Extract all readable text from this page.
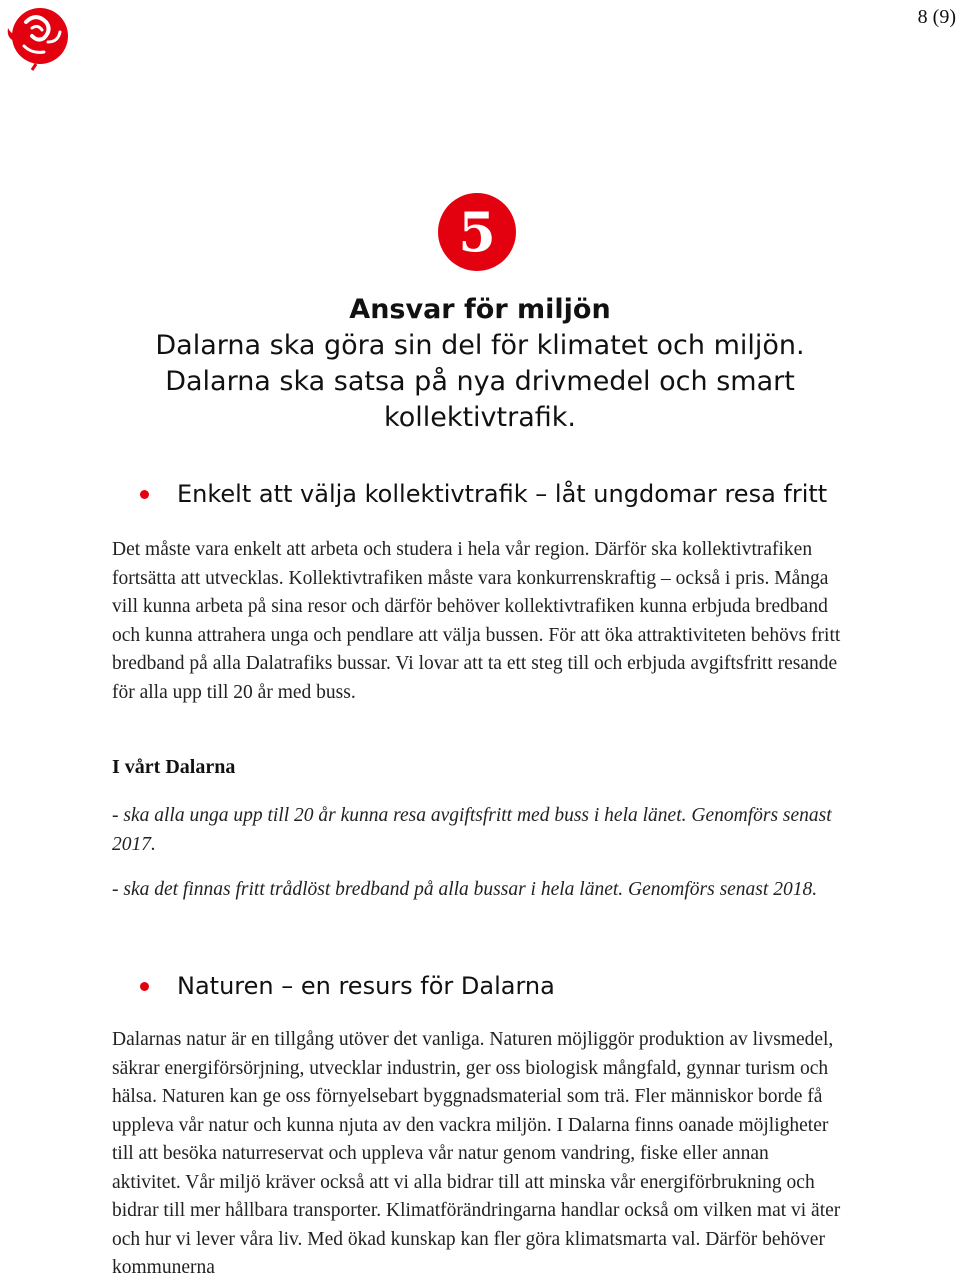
8 (9)
5
Ansvar för miljön
Dalarna ska göra sin del för klimatet och miljön.
Dalarna ska satsa på nya drivmedel och smart
kollektivtrafik.
Enkelt att välja kollektivtrafik – låt ungdomar resa fritt
Det måste vara enkelt att arbeta och studera i hela vår region. Därför ska kollektivtrafiken fortsätta att utvecklas. Kollektivtrafiken måste vara konkurrenskraftig – också i pris. Många vill kunna arbeta på sina resor och därför behöver kollektivtrafiken kunna erbjuda bredband och kunna attrahera unga och pendlare att välja bussen. För att öka attraktiviteten behövs fritt bredband på alla Dalatrafiks bussar. Vi lovar att ta ett steg till och erbjuda avgiftsfritt resande för alla upp till 20 år med buss.
I vårt Dalarna
- ska alla unga upp till 20 år kunna resa avgiftsfritt med buss i hela länet. Genomförs senast 2017.
- ska det finnas fritt trådlöst bredband på alla bussar i hela länet. Genomförs senast 2018.
Naturen – en resurs för Dalarna
Dalarnas natur är en tillgång utöver det vanliga. Naturen möjliggör produktion av livsmedel, säkrar energiförsörjning, utvecklar industrin, ger oss biologisk mångfald, gynnar turism och hälsa. Naturen kan ge oss förnyelsebart byggnadsmaterial som trä. Fler människor borde få uppleva vår natur och kunna njuta av den vackra miljön. I Dalarna finns oanade möjligheter till att besöka naturreservat och uppleva vår natur genom vandring, fiske eller annan aktivitet. Vår miljö kräver också att vi alla bidrar till att minska vår energiförbrukning och bidrar till mer hållbara transporter. Klimatförändringarna handlar också om vilken mat vi äter och hur vi lever våra liv. Med ökad kunskap kan fler göra klimatsmarta val. Därför behöver kommunerna
